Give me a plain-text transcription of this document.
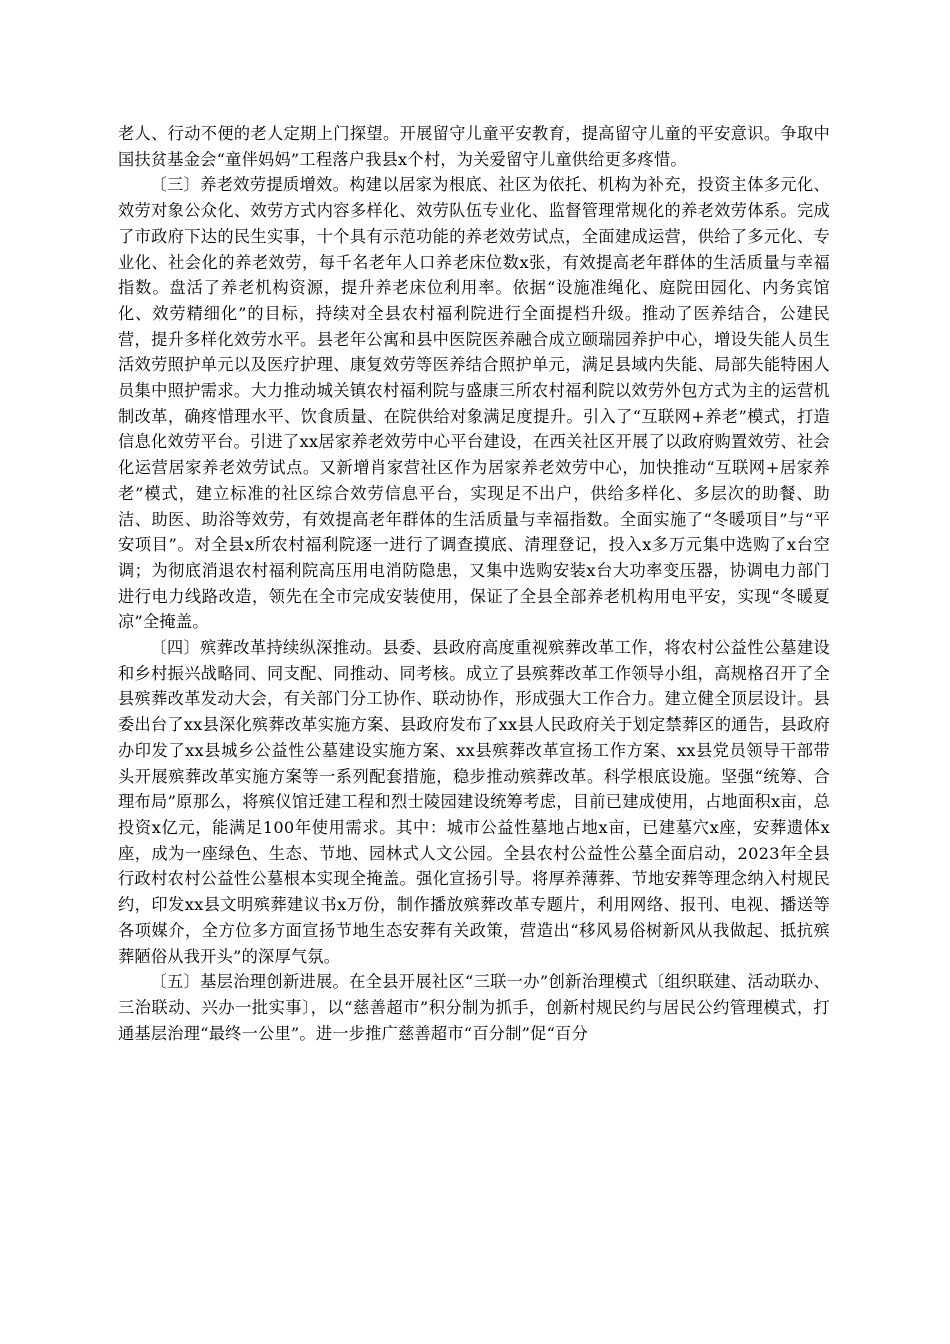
老人、行动不便的老人定期上门探望。开展留守儿童平安教育，提高留守儿童的平安意识。争取中国扶贫基金会“童伴妈妈”工程落户我县x个村，为关爱留守儿童供给更多疼惜。

〔三〕养老效劳提质增效。构建以居家为根底、社区为依托、机构为补充，投资主体多元化、效劳对象公众化、效劳方式内容多样化、效劳队伍专业化、监督管理常规化的养老效劳体系。完成了市政府下达的民生实事，十个具有示范功能的养老效劳试点，全面建成运营，供给了多元化、专业化、社会化的养老效劳，每千名老年人口养老床位数x张，有效提高老年群体的生活质量与幸福指数。盘活了养老机构资源，提升养老床位利用率。依据“设施准绳化、庭院田园化、内务宾馆化、效劳精细化”的目标，持续对全县农村福利院进行全面提档升级。推动了医养结合，公建民营，提升多样化效劳水平。县老年公寓和县中医院医养融合成立颐瑞园养护中心，增设失能人员生活效劳照护单元以及医疗护理、康复效劳等医养结合照护单元，满足县域内失能、局部失能特困人员集中照护需求。大力推动城关镇农村福利院与盛康三所农村福利院以效劳外包方式为主的运营机制改革，确疼惜理水平、饮食质量、在院供给对象满足度提升。引入了“互联网+养老”模式，打造信息化效劳平台。引进了xx居家养老效劳中心平台建设，在西关社区开展了以政府购置效劳、社会化运营居家养老效劳试点。又新增肖家营社区作为居家养老效劳中心，加快推动“互联网+居家养老”模式，建立标准的社区综合效劳信息平台，实现足不出户，供给多样化、多层次的助餐、助洁、助医、助浴等效劳，有效提高老年群体的生活质量与幸福指数。全面实施了“冬暖项目”与“平安项目”。对全县x所农村福利院逐一进行了调查摸底、清理登记，投入x多万元集中选购了x台空调；为彻底消退农村福利院高压用电消防隐患，又集中选购安装x台大功率变压器，协调电力部门进行电力线路改造，领先在全市完成安装使用，保证了全县全部养老机构用电平安，实现“冬暖夏凉”全掩盖。

〔四〕殡葬改革持续纵深推动。县委、县政府高度重视殡葬改革工作，将农村公益性公墓建设和乡村振兴战略同、同支配、同推动、同考核。成立了县殡葬改革工作领导小组，高规格召开了全县殡葬改革发动大会，有关部门分工协作、联动协作，形成强大工作合力。建立健全顶层设计。县委出台了xx县深化殡葬改革实施方案、县政府发布了xx县人民政府关于划定禁葬区的通告，县政府办印发了xx县城乡公益性公墓建设实施方案、xx县殡葬改革宣扬工作方案、xx县党员领导干部带头开展殡葬改革实施方案等一系列配套措施，稳步推动殡葬改革。科学根底设施。坚强“统筹、合理布局”原那么，将殡仪馆迁建工程和烈士陵园建设统筹考虑，目前已建成使用，占地面积x亩，总投资x亿元，能满足100年使用需求。其中：城市公益性墓地占地x亩，已建墓穴x座，安葬遗体x座，成为一座绿色、生态、节地、园林式人文公园。全县农村公益性公墓全面启动，2023年全县行政村农村公益性公墓根本实现全掩盖。强化宣扬引导。将厚养薄葬、节地安葬等理念纳入村规民约，印发xx县文明殡葬建议书x万份，制作播放殡葬改革专题片，利用网络、报刊、电视、播送等各项媒介，全方位多方面宣扬节地生态安葬有关政策，营造出“移风易俗树新风从我做起、抵抗殡葬陋俗从我开头”的深厚气氛。

〔五〕基层治理创新进展。在全县开展社区“三联一办”创新治理模式〔组织联建、活动联办、三治联动、兴办一批实事〕，以“慈善超市”积分制为抓手，创新村规民约与居民公约管理模式，打通基层治理“最终一公里”。进一步推广慈善超市“百分制”促“百分
